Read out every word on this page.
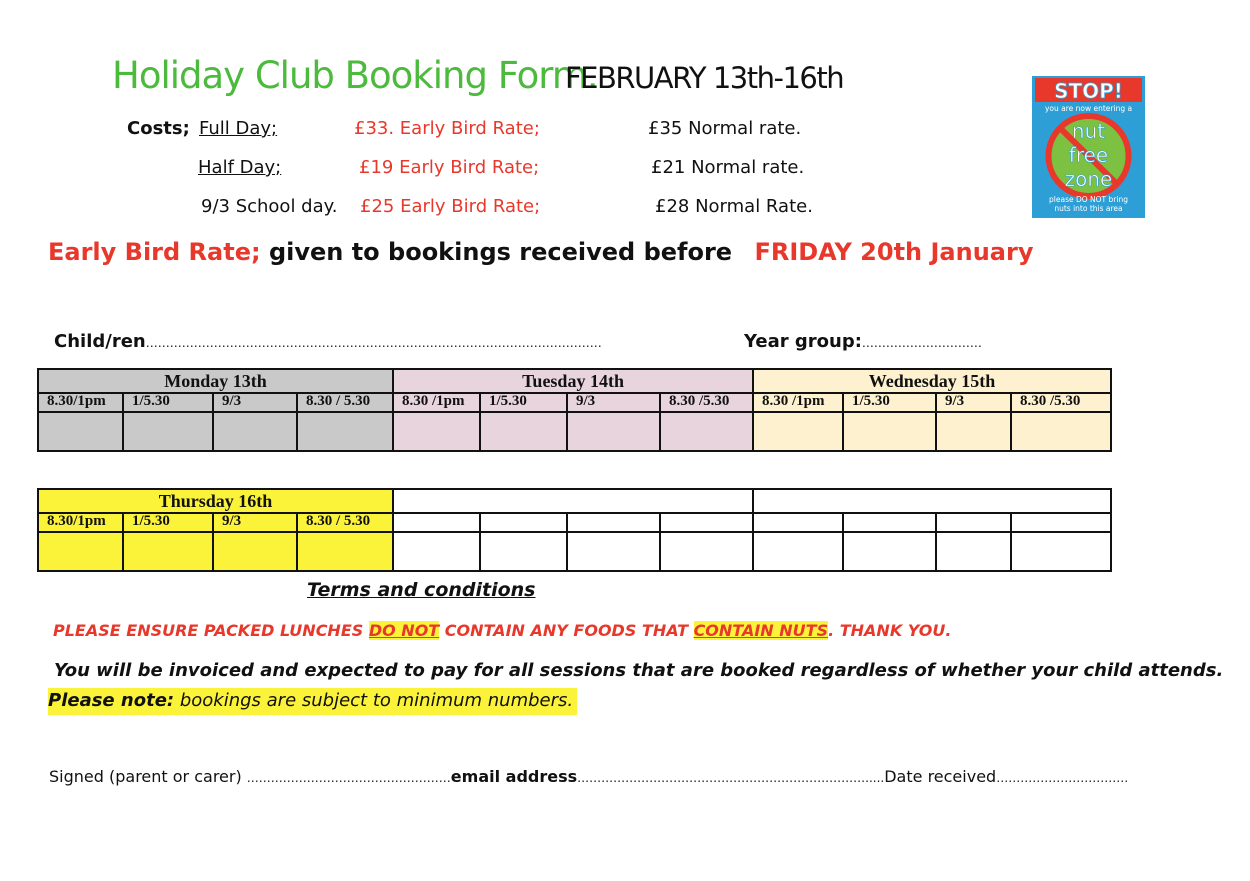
Holiday Club Booking Form.
FEBRUARY 13th-16th
Costs; Full Day;	£33. Early Bird Rate;	£35 Normal rate.
Half Day;	£19 Early Bird Rate;	£21 Normal rate.
9/3 School day. £25 Early Bird Rate;	£28 Normal Rate.
Early Bird Rate; given to bookings received before FRIDAY 20th January
Child/ren……………………………………………………………………………………………………	Year group:…………………………
Monday 13th				Tuesday 14th				Wednesday 15th			
8.30/1pm	1/5.30	9/3	8.30 / 5.30	8.30 /1pm	1/5.30	9/3	8.30 /5.30	8.30 /1pm	1/5.30	9/3	8.30 /5.30

Thursday 16th											
8.30/1pm	1/5.30	9/3	8.30 / 5.30								

Terms and conditions
PLEASE ENSURE PACKED LUNCHES DO NOT CONTAIN ANY FOODS THAT CONTAIN NUTS. THANK YOU.
You will be invoiced and expected to pay for all sessions that are booked regardless of whether your child attends.
Please note: bookings are subject to minimum numbers.
Signed (parent or carer) ……………………………………………email address……………………………………………………………….....Date received……………………………
STOP!
you are now entering a
nut
free
zone
please DO NOT bring
nuts into this area
